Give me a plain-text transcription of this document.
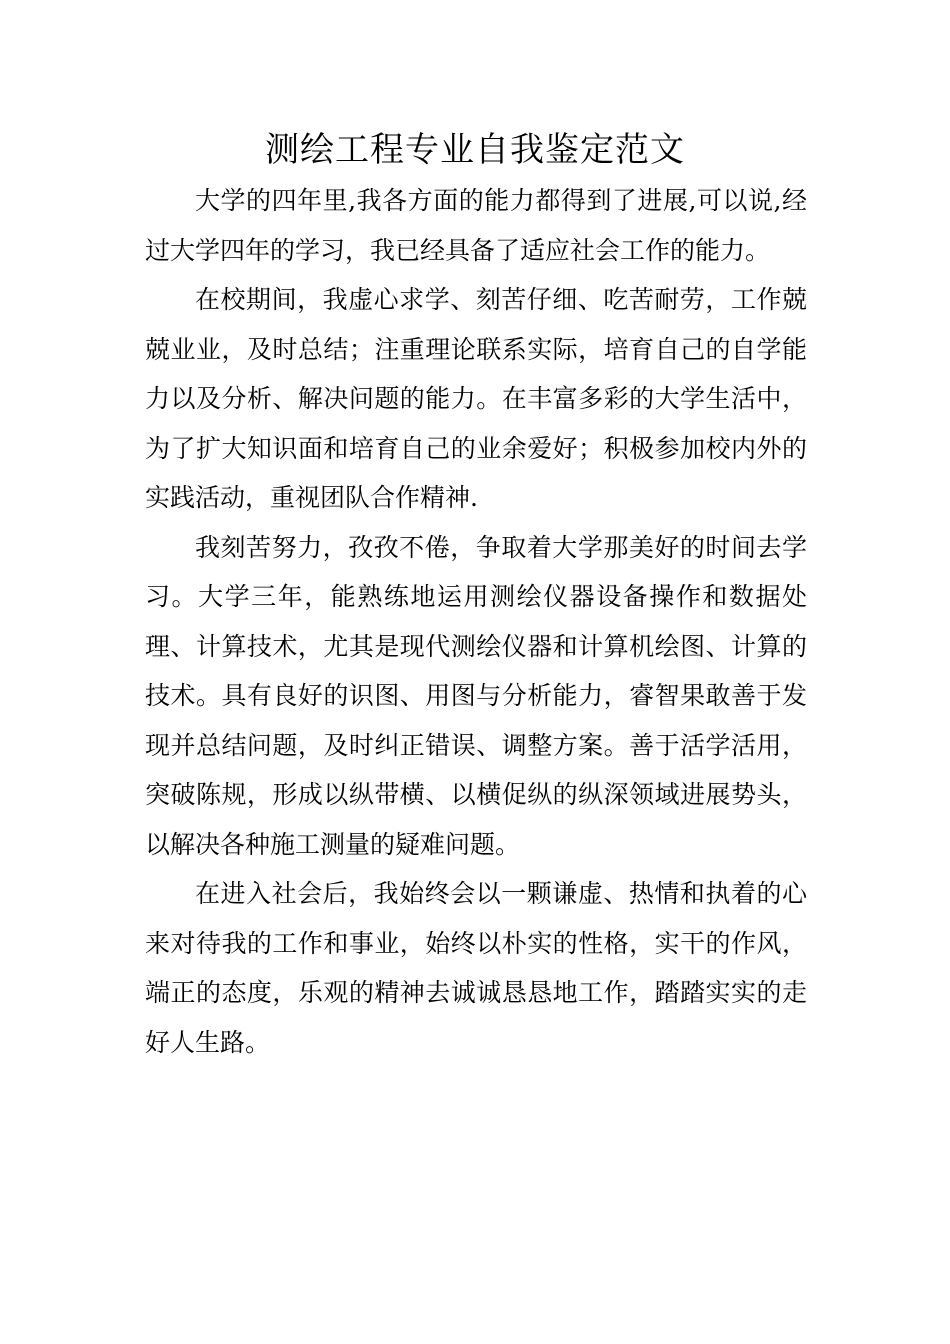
测绘工程专业自我鉴定范文

大学的四年里,我各方面的能力都得到了进展,可以说,经过大学四年的学习，我已经具备了适应社会工作的能力。

在校期间，我虚心求学、刻苦仔细、吃苦耐劳，工作兢兢业业，及时总结；注重理论联系实际，培育自己的自学能力以及分析、解决问题的能力。在丰富多彩的大学生活中，为了扩大知识面和培育自己的业余爱好；积极参加校内外的实践活动，重视团队合作精神.

我刻苦努力，孜孜不倦，争取着大学那美好的时间去学习。大学三年，能熟练地运用测绘仪器设备操作和数据处理、计算技术，尤其是现代测绘仪器和计算机绘图、计算的技术。具有良好的识图、用图与分析能力，睿智果敢善于发现并总结问题，及时纠正错误、调整方案。善于活学活用，突破陈规，形成以纵带横、以横促纵的纵深领域进展势头，以解决各种施工测量的疑难问题。

在进入社会后，我始终会以一颗谦虚、热情和执着的心来对待我的工作和事业，始终以朴实的性格，实干的作风，端正的态度，乐观的精神去诚诚恳恳地工作，踏踏实实的走好人生路。
